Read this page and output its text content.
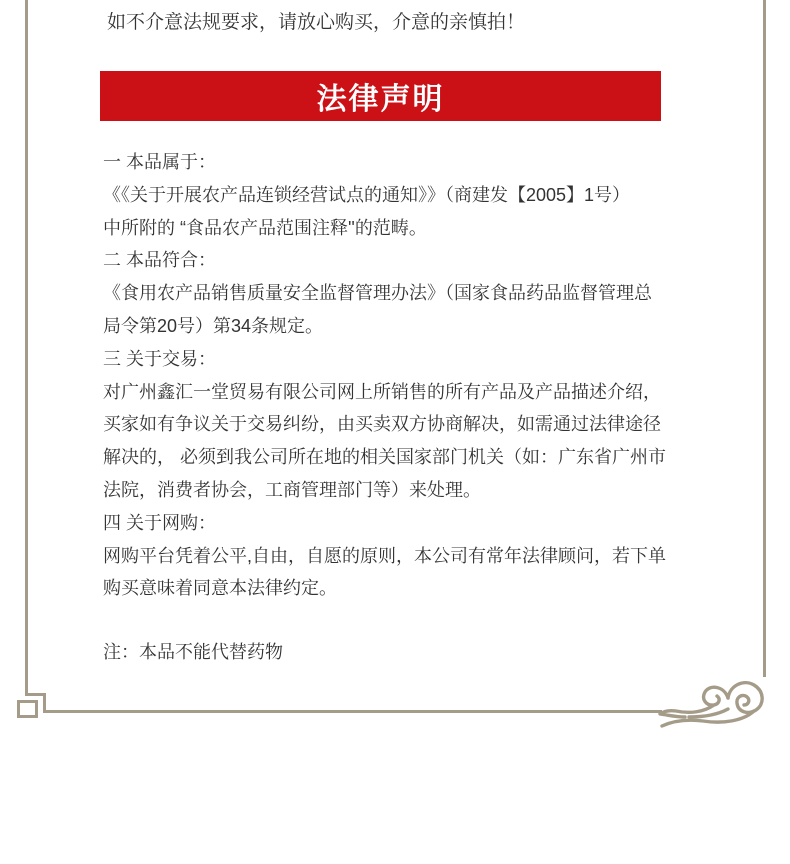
如不介意法规要求，请放心购买，介意的亲慎拍！
法律声明
一 本品属于：
《《关于开展农产品连锁经营试点的通知》》（商建发【2005】1号）
中所附的 “食品农产品范围注释''的范畴。
二 本品符合：
《食用农产品销售质量安全监督管理办法》（国家食品药品监督管理总
局令第20号）第34条规定。
三 关于交易：
对广州鑫汇一堂贸易有限公司网上所销售的所有产品及产品描述介绍，
买家如有争议关于交易纠纷，由买卖双方协商解决，如需通过法律途径
解决的， 必须到我公司所在地的相关国家部门机关（如：广东省广州市
法院，消费者协会，工商管理部门等）来处理。
四 关于网购：
网购平台凭着公平,自由，自愿的原则，本公司有常年法律顾问，若下单
购买意味着同意本法律约定。
注：本品不能代替药物
